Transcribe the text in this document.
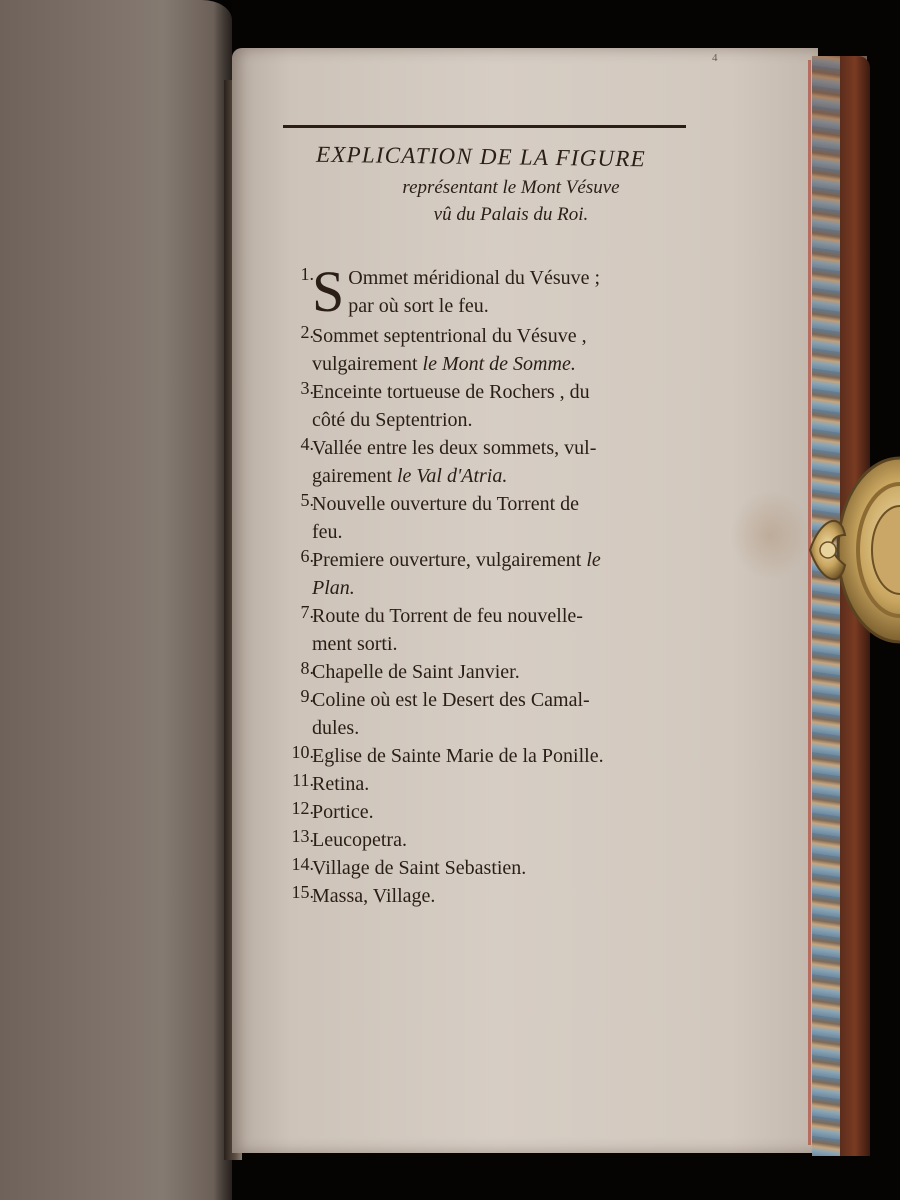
4
EXPLICATION DE LA FIGURE
représentant le Mont Vésuve
vû du Palais du Roi.
1.
S Ommet méridional du Vésuve ;
par où sort le feu.
2.
Sommet septentrional du Vésuve ,
vulgairement le Mont de Somme.
3.
Enceinte tortueuse de Rochers , du
côté du Septentrion.
4.
Vallée entre les deux sommets, vul-
gairement le Val d'Atria.
5.
Nouvelle ouverture du Torrent de
feu.
6.
Premiere ouverture, vulgairement le
Plan.
7.
Route du Torrent de feu nouvelle-
ment sorti.
8.
Chapelle de Saint Janvier.
9.
Coline où est le Desert des Camal-
dules.
10.
Eglise de Sainte Marie de la Ponille.
11.
Retina.
12.
Portice.
13.
Leucopetra.
14.
Village de Saint Sebastien.
15.
Massa, Village.
